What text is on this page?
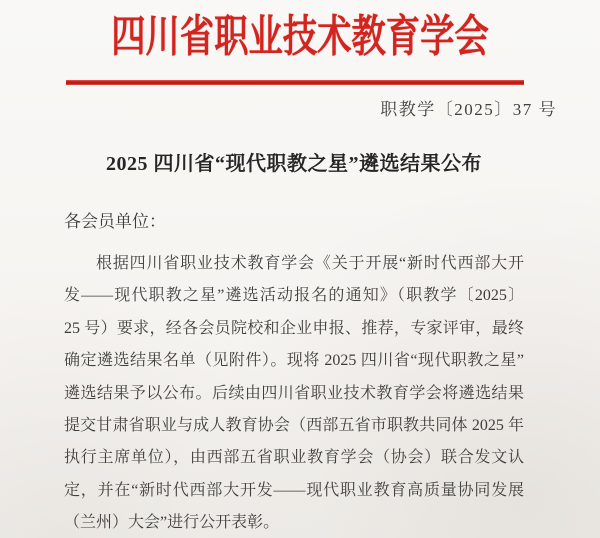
四川省职业技术教育学会
职教学〔2025〕37 号
2025 四川省“现代职教之星”遴选结果公布
各会员单位：
根据四川省职业技术教育学会《关于开展“新时代西部大开
发——现代职教之星”遴选活动报名的通知》（职教学〔2025〕
25 号）要求，经各会员院校和企业申报、推荐，专家评审，最终
确定遴选结果名单（见附件）。现将 2025 四川省“现代职教之星”
遴选结果予以公布。后续由四川省职业技术教育学会将遴选结果
提交甘肃省职业与成人教育协会（西部五省市职教共同体 2025 年
执行主席单位），由西部五省职业教育学会（协会）联合发文认
定，并在“新时代西部大开发——现代职业教育高质量协同发展
（兰州）大会”进行公开表彰。
